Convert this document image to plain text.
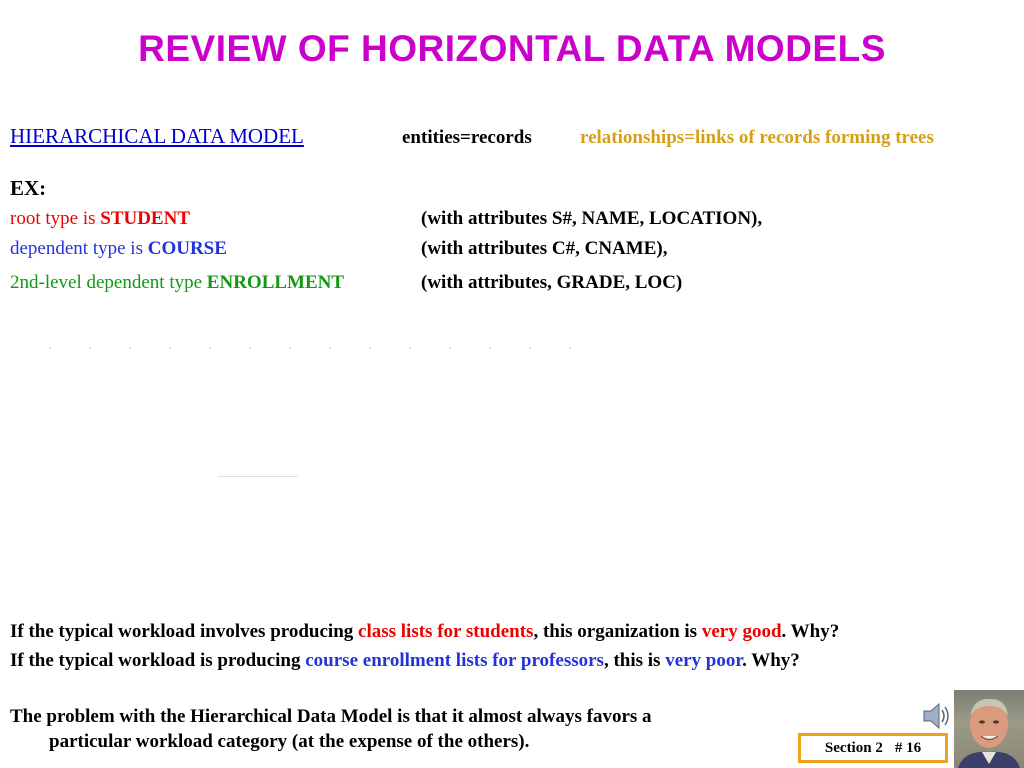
REVIEW OF HORIZONTAL DATA MODELS
HIERARCHICAL DATA MODEL	entities=records	relationships=links of records forming trees
EX:
root type is STUDENT	(with attributes S#, NAME, LOCATION),
dependent type is COURSE	(with attributes C#, CNAME),
2nd-level dependent type ENROLLMENT	(with attributes, GRADE, LOC)
If the typical workload involves producing class lists for students, this organization is very good. Why?
If the typical workload is producing course enrollment lists for professors, this is very poor. Why?
The problem with the Hierarchical Data Model is that it almost always favors a
particular workload category (at the expense of the others).	Section 2 # 16
